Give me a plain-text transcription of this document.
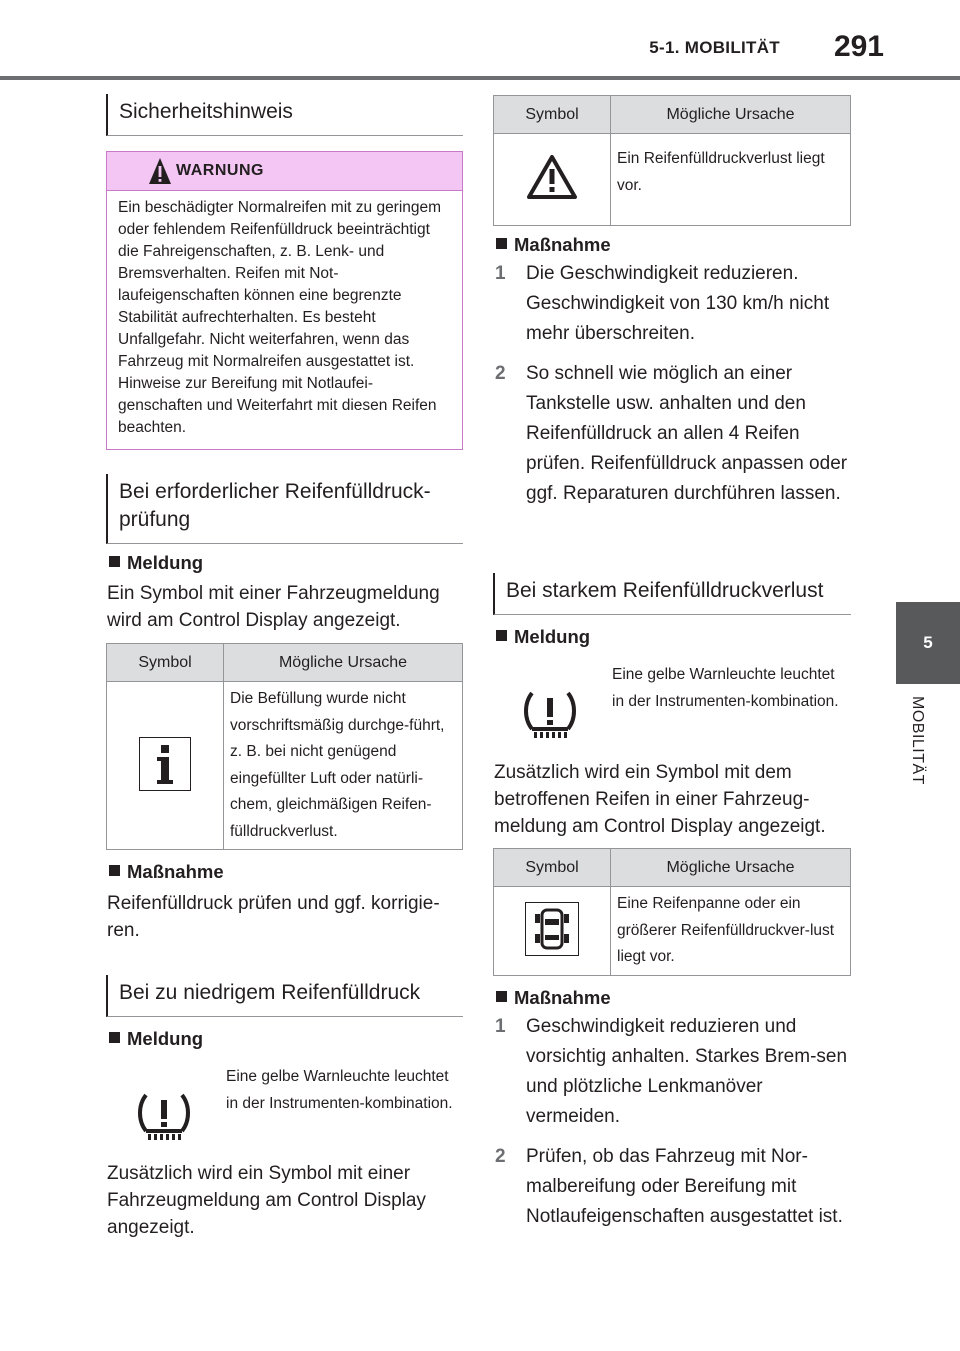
5-1. MOBILITÄT 291
5
MOBILITÄT
Sicherheitshinweis
WARNUNG
Ein beschädigter Normalreifen mit zu geringem oder fehlendem Reifenfülldruck beeinträchtigt die Fahreigenschaften, z. B. Lenk- und Bremsverhalten. Reifen mit Not-laufeigenschaften können eine begrenzte Stabilität aufrechterhalten. Es besteht Unfallgefahr. Nicht weiterfahren, wenn das Fahrzeug mit Normalreifen ausgestattet ist. Hinweise zur Bereifung mit Notlaufei-genschaften und Weiterfahrt mit diesen Reifen beachten.
Bei erforderlicher Reifenfülldruck-prüfung
Meldung
Ein Symbol mit einer Fahrzeugmeldung wird am Control Display angezeigt.
Symbol	Mögliche Ursache
	Die Befüllung wurde nicht vorschriftsmäßig durchge-führt, z. B. bei nicht genügend eingefüllter Luft oder natürli-chem, gleichmäßigen Reifen-fülldruckverlust.
Maßnahme
Reifenfülldruck prüfen und ggf. korrigie-ren.
Bei zu niedrigem Reifenfülldruck
Meldung
Eine gelbe Warnleuchte leuchtet in der Instrumenten-kombination.
Zusätzlich wird ein Symbol mit einer Fahrzeugmeldung am Control Display angezeigt.
Symbol	Mögliche Ursache
	Ein Reifenfülldruckverlust liegt vor.
Maßnahme
1 Die Geschwindigkeit reduzieren. Geschwindigkeit von 130 km/h nicht mehr überschreiten.
2 So schnell wie möglich an einer Tankstelle usw. anhalten und den Reifenfülldruck an allen 4 Reifen prüfen. Reifenfülldruck anpassen oder ggf. Reparaturen durchführen lassen.
Bei starkem Reifenfülldruckverlust
Meldung
Eine gelbe Warnleuchte leuchtet in der Instrumenten-kombination.
Zusätzlich wird ein Symbol mit dem betroffenen Reifen in einer Fahrzeug-meldung am Control Display angezeigt.
Symbol	Mögliche Ursache
	Eine Reifenpanne oder ein größerer Reifenfülldruckver-lust liegt vor.
Maßnahme
1 Geschwindigkeit reduzieren und vorsichtig anhalten. Starkes Brem-sen und plötzliche Lenkmanöver vermeiden.
2 Prüfen, ob das Fahrzeug mit Nor-malbereifung oder Bereifung mit Notlaufeigenschaften ausgestattet ist.
